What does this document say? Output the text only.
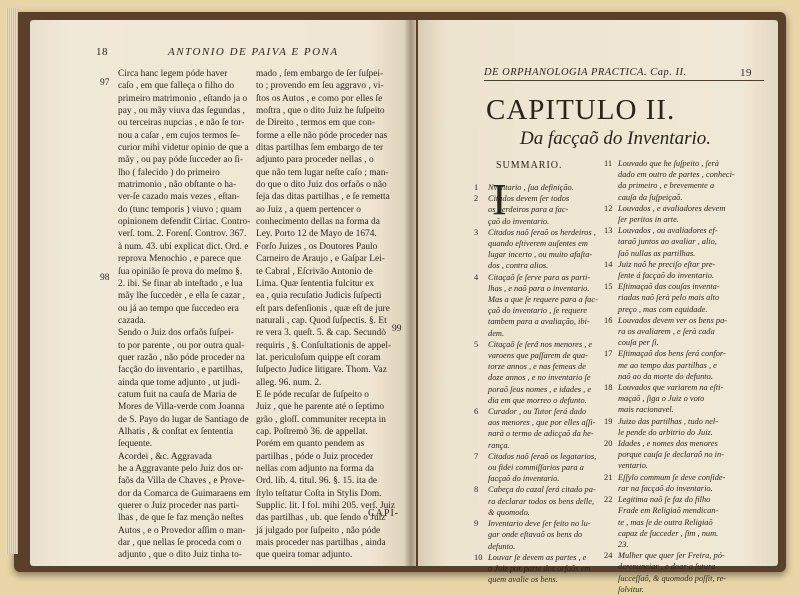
18	ANTONIO DE PAIVA E PONA
97
98
99
Circa hanc legem póde haver
caſo , em que falleça o filho do
primeiro matrimonio , eſtando ja o
pay , ou mãy viuva das ſegundas ,
ou terceiras nupcias , e não ſe tor-
nou a caſar , em cujos termos ſe-
curior mihi videtur opinio de que a
mãy , ou pay póde ſucceder ao ſi-
lho ( falecido ) do primeiro
matrimonio , não obſtante o ha-
ver-ſe cazado mais vezes , eſtan-
do (tunc temporis ) viuvo ; quam
opinionem defendit Ciriac. Contro-
verſ. tom. 2. Forenſ. Controv. 367.
à num. 43. ubi explicat dict. Ord. e
reprova Menochio , e parece que
ſua opinião ſe prova do meſmo §.
2. ibi. Se finar ab inteſtado , e lua
mãy lhe ſuccedèr , e ella ſe cazar ,
ou já ao tempo que ſuccedeo era
cazada.
Sendo o Juiz dos orfaõs ſuſpei-
to por parente , ou por outra qual-
quer razão , não póde proceder na
facção do inventario , e partilhas,
ainda que tome adjunto , ut judi-
catum fuit na cauſa de Maria de
Mores de Villa-verde com Joanna
de S. Payo do lugar de Santiago de
Alhatis , & conſtat ex ſententia
ſequente.
Acordei , &c. Aggravada
he a Aggravante pelo Juiz dos or-
faõs da Villa de Chaves , e Prove-
dor da Comarca de Guimaraens em
querer o Juiz proceder nas parti-
lhas , de que ſe faz menção neſtes
Autos , e o Provedor aſſim o man-
dar , que nellas ſe proceda com o
adjunto , que o dito Juiz tinha to-
mado , ſem embargo de ſer ſuſpei-
to ; provendo em ſeu aggravo , vi-
ſtos os Autos , e como por elles ſe
moſtra , que o dito Juiz he ſuſpeito
de Direito , termos em que con-
forme a elle não póde proceder nas
ditas partilhas ſem embargo de ter
adjunto para proceder nellas , o
que não tem lugar neſte caſo ; man-
do que o dito Juiz dos orfaõs o não
ſeja das ditas partilhas , e ſe remetta
ao Juiz , a quem pertencer o
conhecimento dellas na forma da
Ley. Porto 12 de Mayo de 1674.
Forſo Juizes , os Doutores Paulo
Carneiro de Araujo , e Gaſpar Lei-
te Cabral , Eſcrivão Antonio de
Lima. Quæ ſententia fulcitur ex
ea , quia recuſatio Judicis ſuſpecti
eſt pars defenſionis , quæ eſt de jure
naturali , cap. Quod ſuſpectis. §. Et
re vera 3. queſt. 5. & cap. Secundò
requiris , §. Conſultationis de appel-
lat. periculoſum quippe eſt coram
ſuſpecto Judice litigare. Thom. Vaz
alleg. 96. num. 2.
E ſe póde recuſar de ſuſpeito o
Juiz , que he parente até o ſeptimo
grão , gloſſ. communiter recepta in
cap. Poſtremò 36. de appellat.
Porém em quanto pendem as
partilhas , póde o Juiz proceder
nellas com adjunto na forma da
Ord. lib. 4. titul. 96. §. 15. ita de
ſtylo teſtatur Coſta in Stylis Dom.
Supplic. lit. I fol. mihi 205. verſ. Juiz
das partilhas , ub. que ſendo o Juiz
já julgado por ſuſpeito , não póde
mais proceder nas partilhas , ainda
que queira tomar adjunto.
CAPI-
DE ORPHANOLOGIA PRACTICA. Cap. II.	19
CAPITULO II.
Da facçaõ do Inventario.
SUMMARIO.
I
1 Nventario , ſua definição.
2 Citados devem ſer todos
os herdeiros para a fac-
çaõ do inventario.
3 Citados naõ ſeraõ os herdeiros ,
quando eſtiverem auſentes em
lugar incerto , ou muito afaſta-
dos , contra alios.
4 Citaçaõ ſe ſerve para as parti-
lhas , e naõ para o inventario.
Mas a que ſe requere para a fac-
çaõ do inventario , ſe requere
tambem para a avaliação, ibi-
dem.
5 Citaçaõ ſe ſerá nos menores , e
varoens que paſſarem de qua-
torze annos , e nas femeas de
doze annos , e no inventario ſe
poraõ ſeus nomes , e idades , e
dia em que morreo o defunto.
6 Curador , ou Tutor ſerá dado
aos menores , que por elles aſſi-
narà o termo de adicçaõ da he-
rança.
7 Citados naõ ſeraõ os legatarios,
ou fidei commiſſarios para a
facçaõ do inventario.
8 Cabeça do cazal ſerá citado pa-
ra declarar todos os bens delle,
& quomodo.
9 Inventario deve ſer feito no lu-
gar onde eſtavaõ os bens do
defunto.
10 Louvar ſe devem as partes , e
o Juiz por parte dos orfaõs em
quem avalie os bens.
11 Louvado que he ſuſpeito , ſerà
dado em outro de partes , conheci-
da primeiro , e brevemente a
cauſa da ſuſpeiçaõ.
12 Louvados , e avaliadores devem
ſer peritos in arte.
13 Louvados , ou avaliadores ef-
taraõ juntos ao avaliar , alio,
ſaõ nullas as partilhas.
14 Juiz naõ he preciſo eſtar pre-
ſente á facçaõ do inventario.
15 Eſtimaçaõ das couſas inventa-
riadas naõ ſerà pelo mais alto
preço , mas com equidade.
16 Louvados devem ver os bens pa-
ra os avaliarem , e ſerà cada
couſa per ſi.
17 Eſtimaçaõ dos bens ſerá confor-
me ao tempo das partilhas , e
naõ ao da morte do defunto.
18 Louvados que variarem na eſti-
maçaõ , ſiga o Juiz o voto
mais racionavel.
19 Juizo das partilhas , tudo nel-
le pende do arbitrio do Juiz.
20 Idades , e nomes dos menores
porque cauſa ſe declaraõ no in-
ventario.
21 Eſſylo commum ſe deve conſide-
rar na facçaõ do inventario.
22 Legitima naõ ſe faz do filho
Frade em Religiaõ mendican-
te , mas ſe de outra Religiaõ
capaz de ſucceder , ſim , num.
23.
24 Mulher que quer ſer Freira, pó-
derenunciar , e doar a ſutura
ſucceſſaõ, & quomodo poſſit, re-
ſolvitur.
